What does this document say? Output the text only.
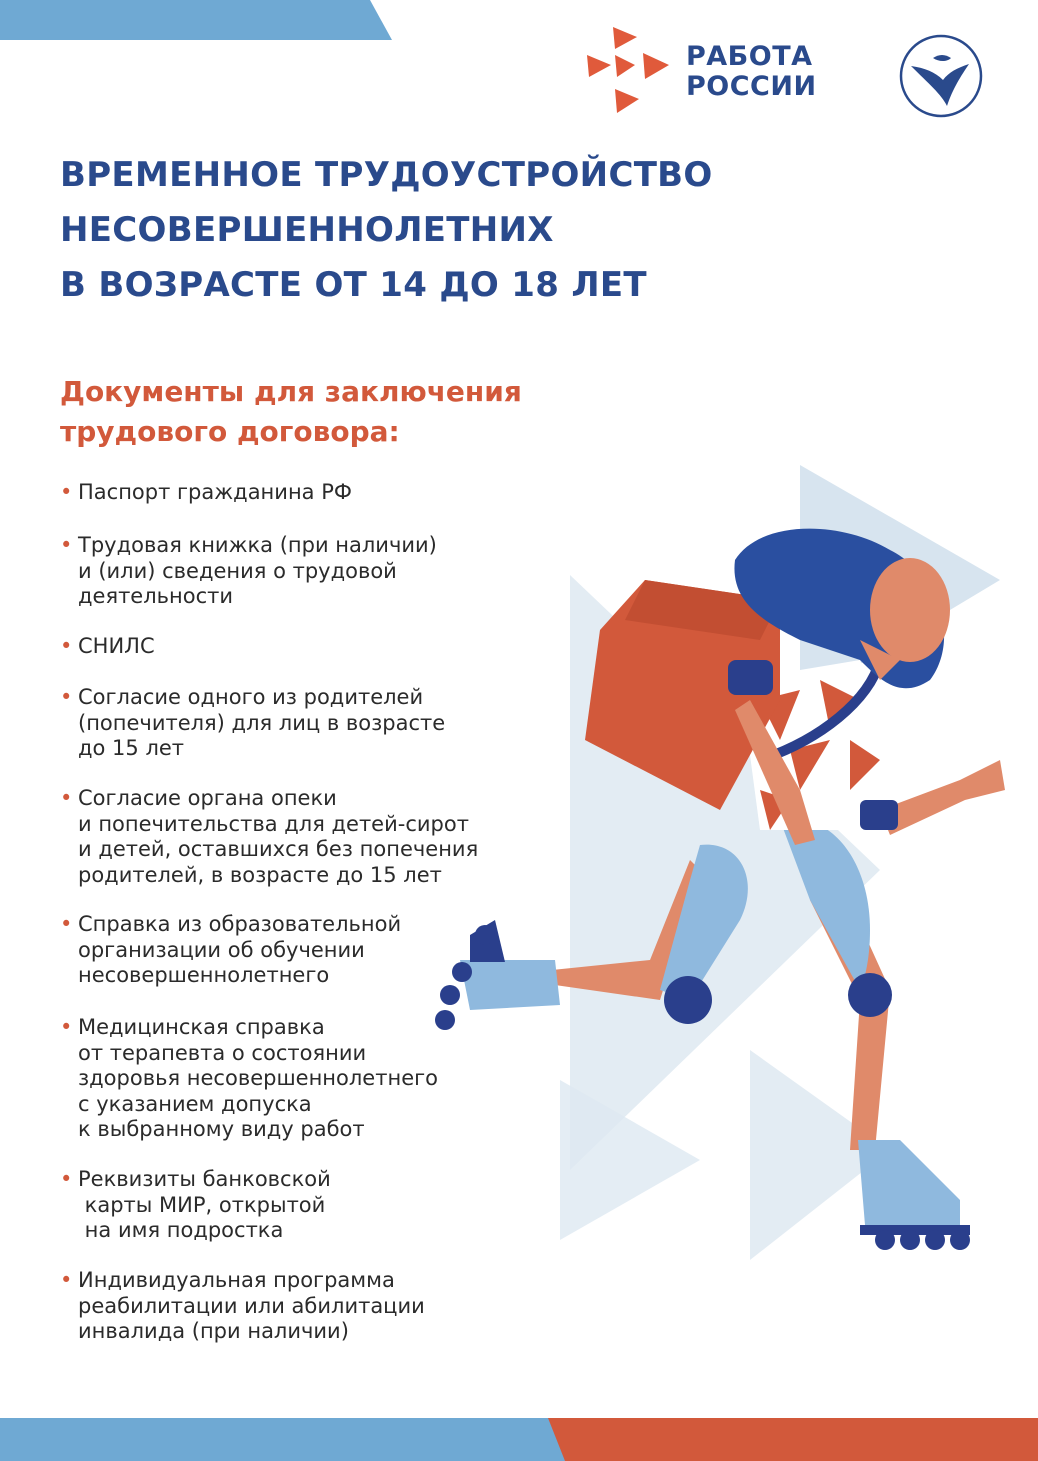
РАБОТА
РОССИИ
ВРЕМЕННОЕ ТРУДОУСТРОЙСТВО
НЕСОВЕРШЕННОЛЕТНИХ
В ВОЗРАСТЕ ОТ 14 ДО 18 ЛЕТ
Документы для заключения
трудового договора:
• Паспорт гражданина РФ
• Трудовая книжка (при наличии)
и (или) сведения о трудовой
деятельности
• СНИЛС
• Согласие одного из родителей
(попечителя) для лиц в возрасте
до 15 лет
• Согласие органа опеки
и попечительства для детей-сирот
и детей, оставшихся без попечения
родителей, в возрасте до 15 лет
• Справка из образовательной
организации об обучении
несовершеннолетнего
• Медицинская справка
от терапевта о состоянии
здоровья несовершеннолетнего
с указанием допуска
к выбранному виду работ
• Реквизиты банковской
карты МИР, открытой
на имя подростка
• Индивидуальная программа
реабилитации или абилитации
инвалида (при наличии)
